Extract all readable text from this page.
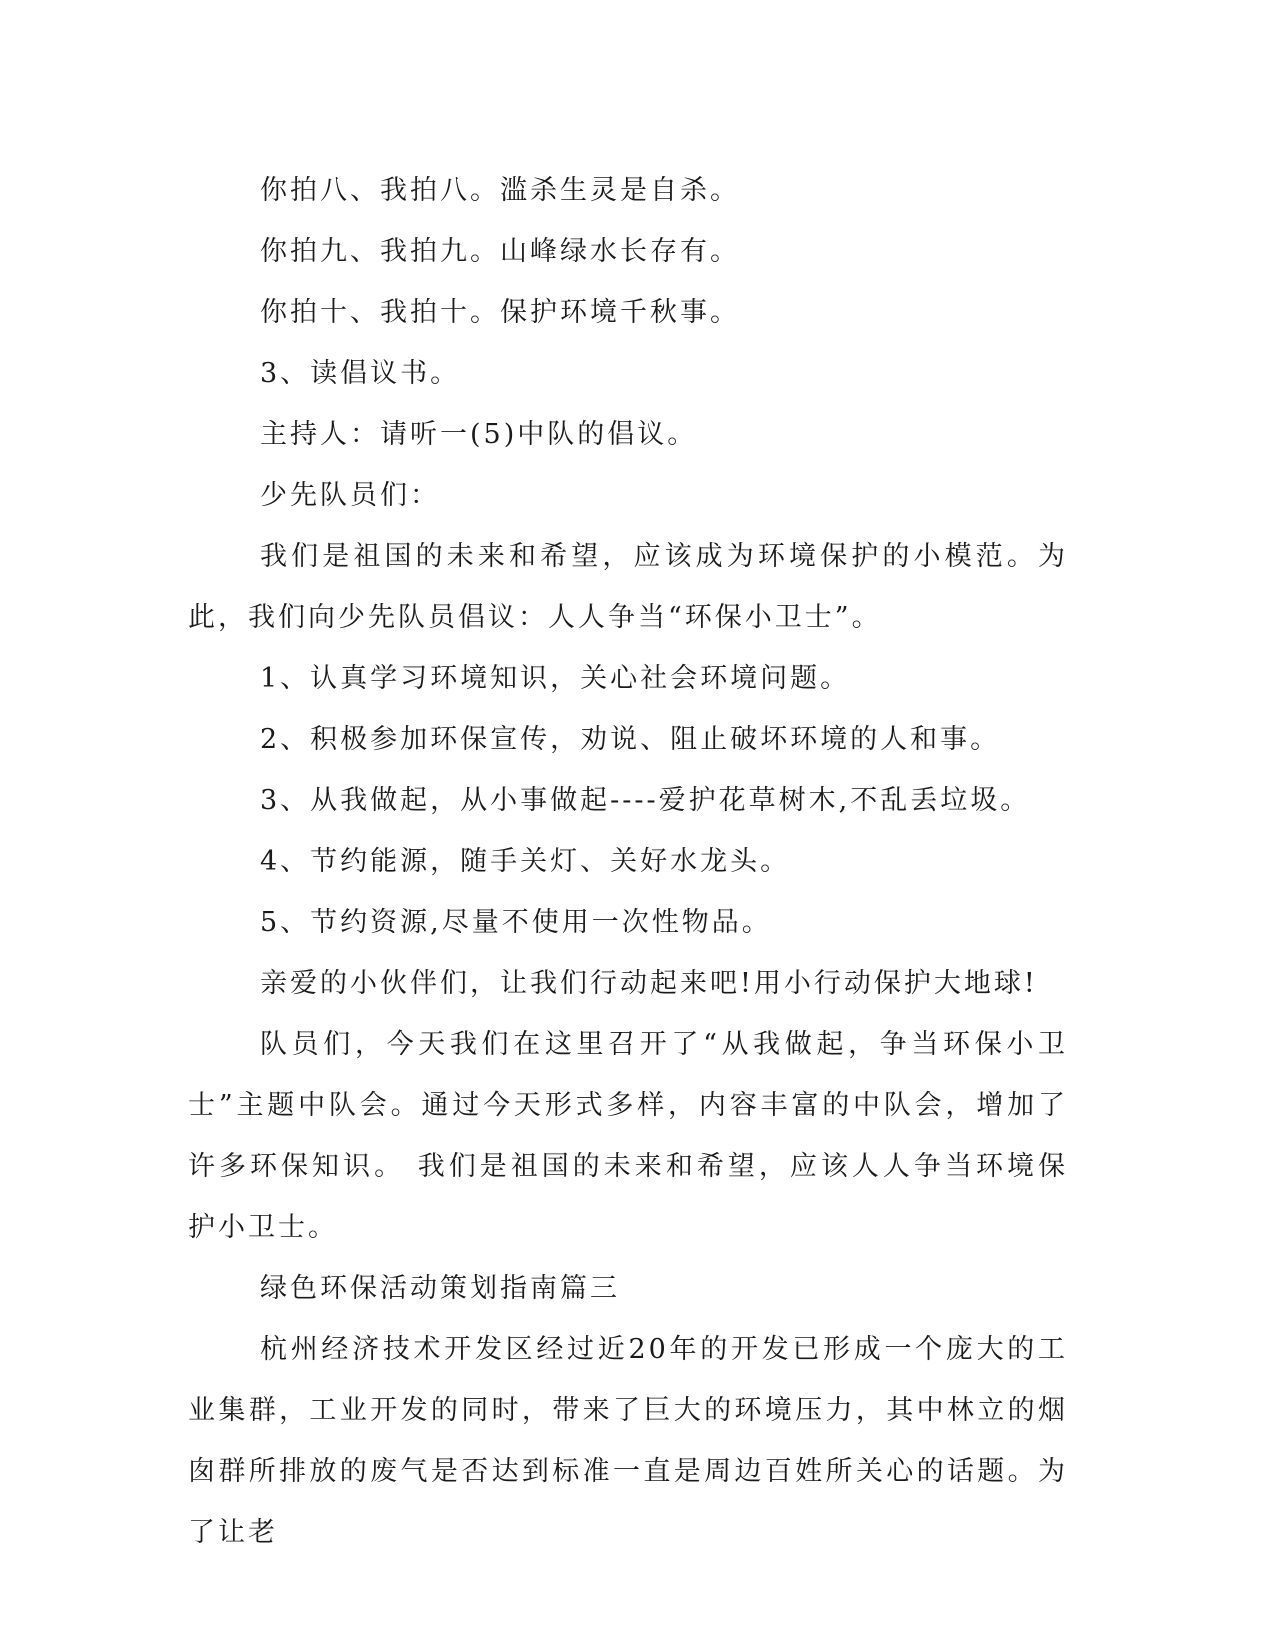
你拍八、我拍八。滥杀生灵是自杀。

你拍九、我拍九。山峰绿水长存有。

你拍十、我拍十。保护环境千秋事。

3、读倡议书。

主持人：请听一(5)中队的倡议。

少先队员们：

我们是祖国的未来和希望，应该成为环境保护的小模范。为此，我们向少先队员倡议：人人争当“环保小卫士”。

1、认真学习环境知识，关心社会环境问题。

2、积极参加环保宣传，劝说、阻止破坏环境的人和事。

3、从我做起，从小事做起----爱护花草树木,不乱丢垃圾。

4、节约能源，随手关灯、关好水龙头。

5、节约资源,尽量不使用一次性物品。

亲爱的小伙伴们，让我们行动起来吧!用小行动保护大地球!

队员们，今天我们在这里召开了“从我做起，争当环保小卫士”主题中队会。通过今天形式多样，内容丰富的中队会，增加了许多环保知识。 我们是祖国的未来和希望，应该人人争当环境保护小卫士。

绿色环保活动策划指南篇三

杭州经济技术开发区经过近20年的开发已形成一个庞大的工业集群，工业开发的同时，带来了巨大的环境压力，其中林立的烟囱群所排放的废气是否达到标准一直是周边百姓所关心的话题。为了让老
